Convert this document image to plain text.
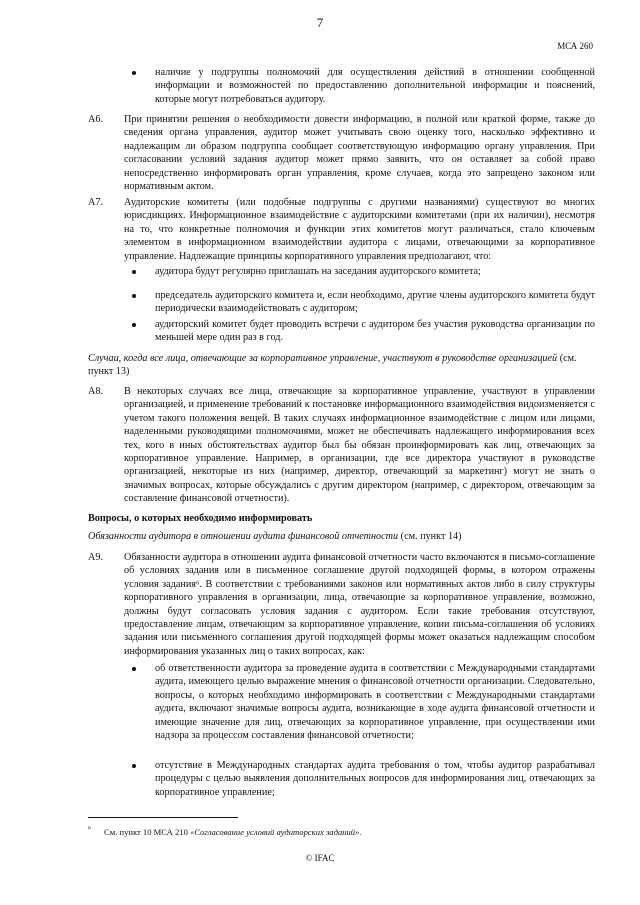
7
МСА 260
наличие у подгруппы полномочий для осуществления действий в отношении сообщенной информации и возможностей по предоставлению дополнительной информации и пояснений, которые могут потребоваться аудитору.
A6. При принятии решения о необходимости довести информацию, в полной или краткой форме, также до сведения органа управления, аудитор может учитывать свою оценку того, насколько эффективно и надлежащим ли образом подгруппа сообщает соответствующую информацию органу управления. При согласовании условий задания аудитор может прямо заявить, что он оставляет за собой право непосредственно информировать орган управления, кроме случаев, когда это запрещено законом или нормативным актом.
A7. Аудиторские комитеты (или подобные подгруппы с другими названиями) существуют во многих юрисдикциях. Информационное взаимодействие с аудиторскими комитетами (при их наличии), несмотря на то, что конкретные полномочия и функции этих комитетов могут различаться, стало ключевым элементом в информационном взаимодействии аудитора с лицами, отвечающими за корпоративное управление. Надлежащие принципы корпоративного управления предполагают, что:
аудитора будут регулярно приглашать на заседания аудиторского комитета;
председатель аудиторского комитета и, если необходимо, другие члены аудиторского комитета будут периодически взаимодействовать с аудитором;
аудиторский комитет будет проводить встречи с аудитором без участия руководства организации по меньшей мере один раз в год.
Случаи, когда все лица, отвечающие за корпоративное управление, участвуют в руководстве организацией (см. пункт 13)
A8. В некоторых случаях все лица, отвечающие за корпоративное управление, участвуют в управлении организацией, и применение требований к постановке информационного взаимодействия видоизменяется с учетом такого положения вещей. В таких случаях информационное взаимодействие с лицом или лицами, наделенными руководящими полномочиями, может не обеспечивать надлежащего информирования всех тех, кого в иных обстоятельствах аудитор был бы обязан проинформировать как лиц, отвечающих за корпоративное управление. Например, в организации, где все директора участвуют в руководстве организацией, некоторые из них (например, директор, отвечающий за маркетинг) могут не знать о значимых вопросах, которые обсуждались с другим директором (например, с директором, отвечающим за составление финансовой отчетности).
Вопросы, о которых необходимо информировать
Обязанности аудитора в отношении аудита финансовой отчетности (см. пункт 14)
A9. Обязанности аудитора в отношении аудита финансовой отчетности часто включаются в письмо-соглашение об условиях задания или в письменное соглашение другой подходящей формы, в котором отражены условия задания⁶. В соответствии с требованиями законов или нормативных актов либо в силу структуры корпоративного управления в организации, лица, отвечающие за корпоративное управление, возможно, должны будут согласовать условия задания с аудитором. Если такие требования отсутствуют, предоставление лицам, отвечающим за корпоративное управление, копии письма-соглашения об условиях задания или письменного соглашения другой подходящей формы может оказаться надлежащим способом информирования указанных лиц о таких вопросах, как:
об ответственности аудитора за проведение аудита в соответствии с Международными стандартами аудита, имеющего целью выражение мнения о финансовой отчетности организации. Следовательно, вопросы, о которых необходимо информировать в соответствии с Международными стандартами аудита, включают значимые вопросы аудита, возникающие в ходе аудита финансовой отчетности и имеющие значение для лиц, отвечающих за корпоративное управление, при осуществлении ими надзора за процессом составления финансовой отчетности;
отсутствие в Международных стандартах аудита требования о том, чтобы аудитор разрабатывал процедуры с целью выявления дополнительных вопросов для информирования лиц, отвечающих за корпоративное управление;
⁶ См. пункт 10 МСА 210 «Согласование условий аудиторских заданий».
© IFAC
